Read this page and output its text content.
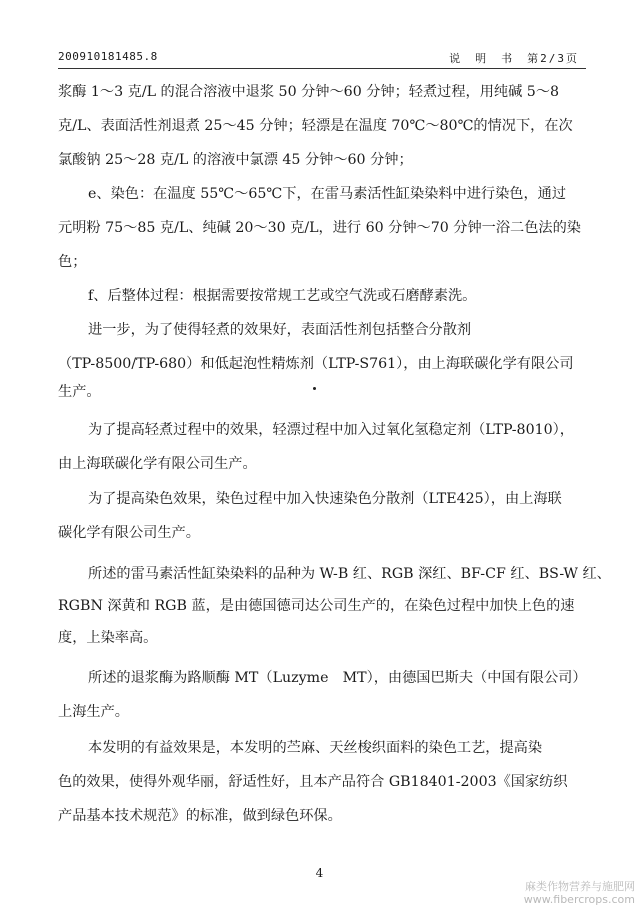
200910181485.8	说　明　书　第2/3页
浆酶 1～3 克/L 的混合溶液中退浆 50 分钟～60 分钟；轻煮过程，用纯碱 5～8
克/L、表面活性剂退煮 25～45 分钟；轻漂是在温度 70℃～80℃的情况下，在次
氯酸钠 25～28 克/L 的溶液中氯漂 45 分钟～60 分钟；
e、染色：在温度 55℃～65℃下，在雷马素活性缸染染料中进行染色，通过
元明粉 75～85 克/L、纯碱 20～30 克/L，进行 60 分钟～70 分钟一浴二色法的染
色；
f、后整体过程：根据需要按常规工艺或空气洗或石磨酵素洗。
进一步，为了使得轻煮的效果好，表面活性剂包括整合分散剂
（TP-8500/TP-680）和低起泡性精炼剂（LTP-S761），由上海联碳化学有限公司
生产。
为了提高轻煮过程中的效果，轻漂过程中加入过氧化氢稳定剂（LTP-8010），
由上海联碳化学有限公司生产。
为了提高染色效果，染色过程中加入快速染色分散剂（LTE425），由上海联
碳化学有限公司生产。
所述的雷马素活性缸染染料的品种为 W-B 红、RGB 深红、BF-CF 红、BS-W 红、
RGBN 深黄和 RGB 蓝，是由德国德司达公司生产的，在染色过程中加快上色的速
度，上染率高。
所述的退浆酶为路顺酶 MT（Luzyme　MT），由德国巴斯夫（中国有限公司）
上海生产。
本发明的有益效果是，本发明的苎麻、天丝梭织面料的染色工艺，提高染
色的效果，使得外观华丽，舒适性好，且本产品符合 GB18401-2003《国家纺织
产品基本技术规范》的标准，做到绿色环保。
4
麻类作物营养与施肥网
www.fibercrops.com
